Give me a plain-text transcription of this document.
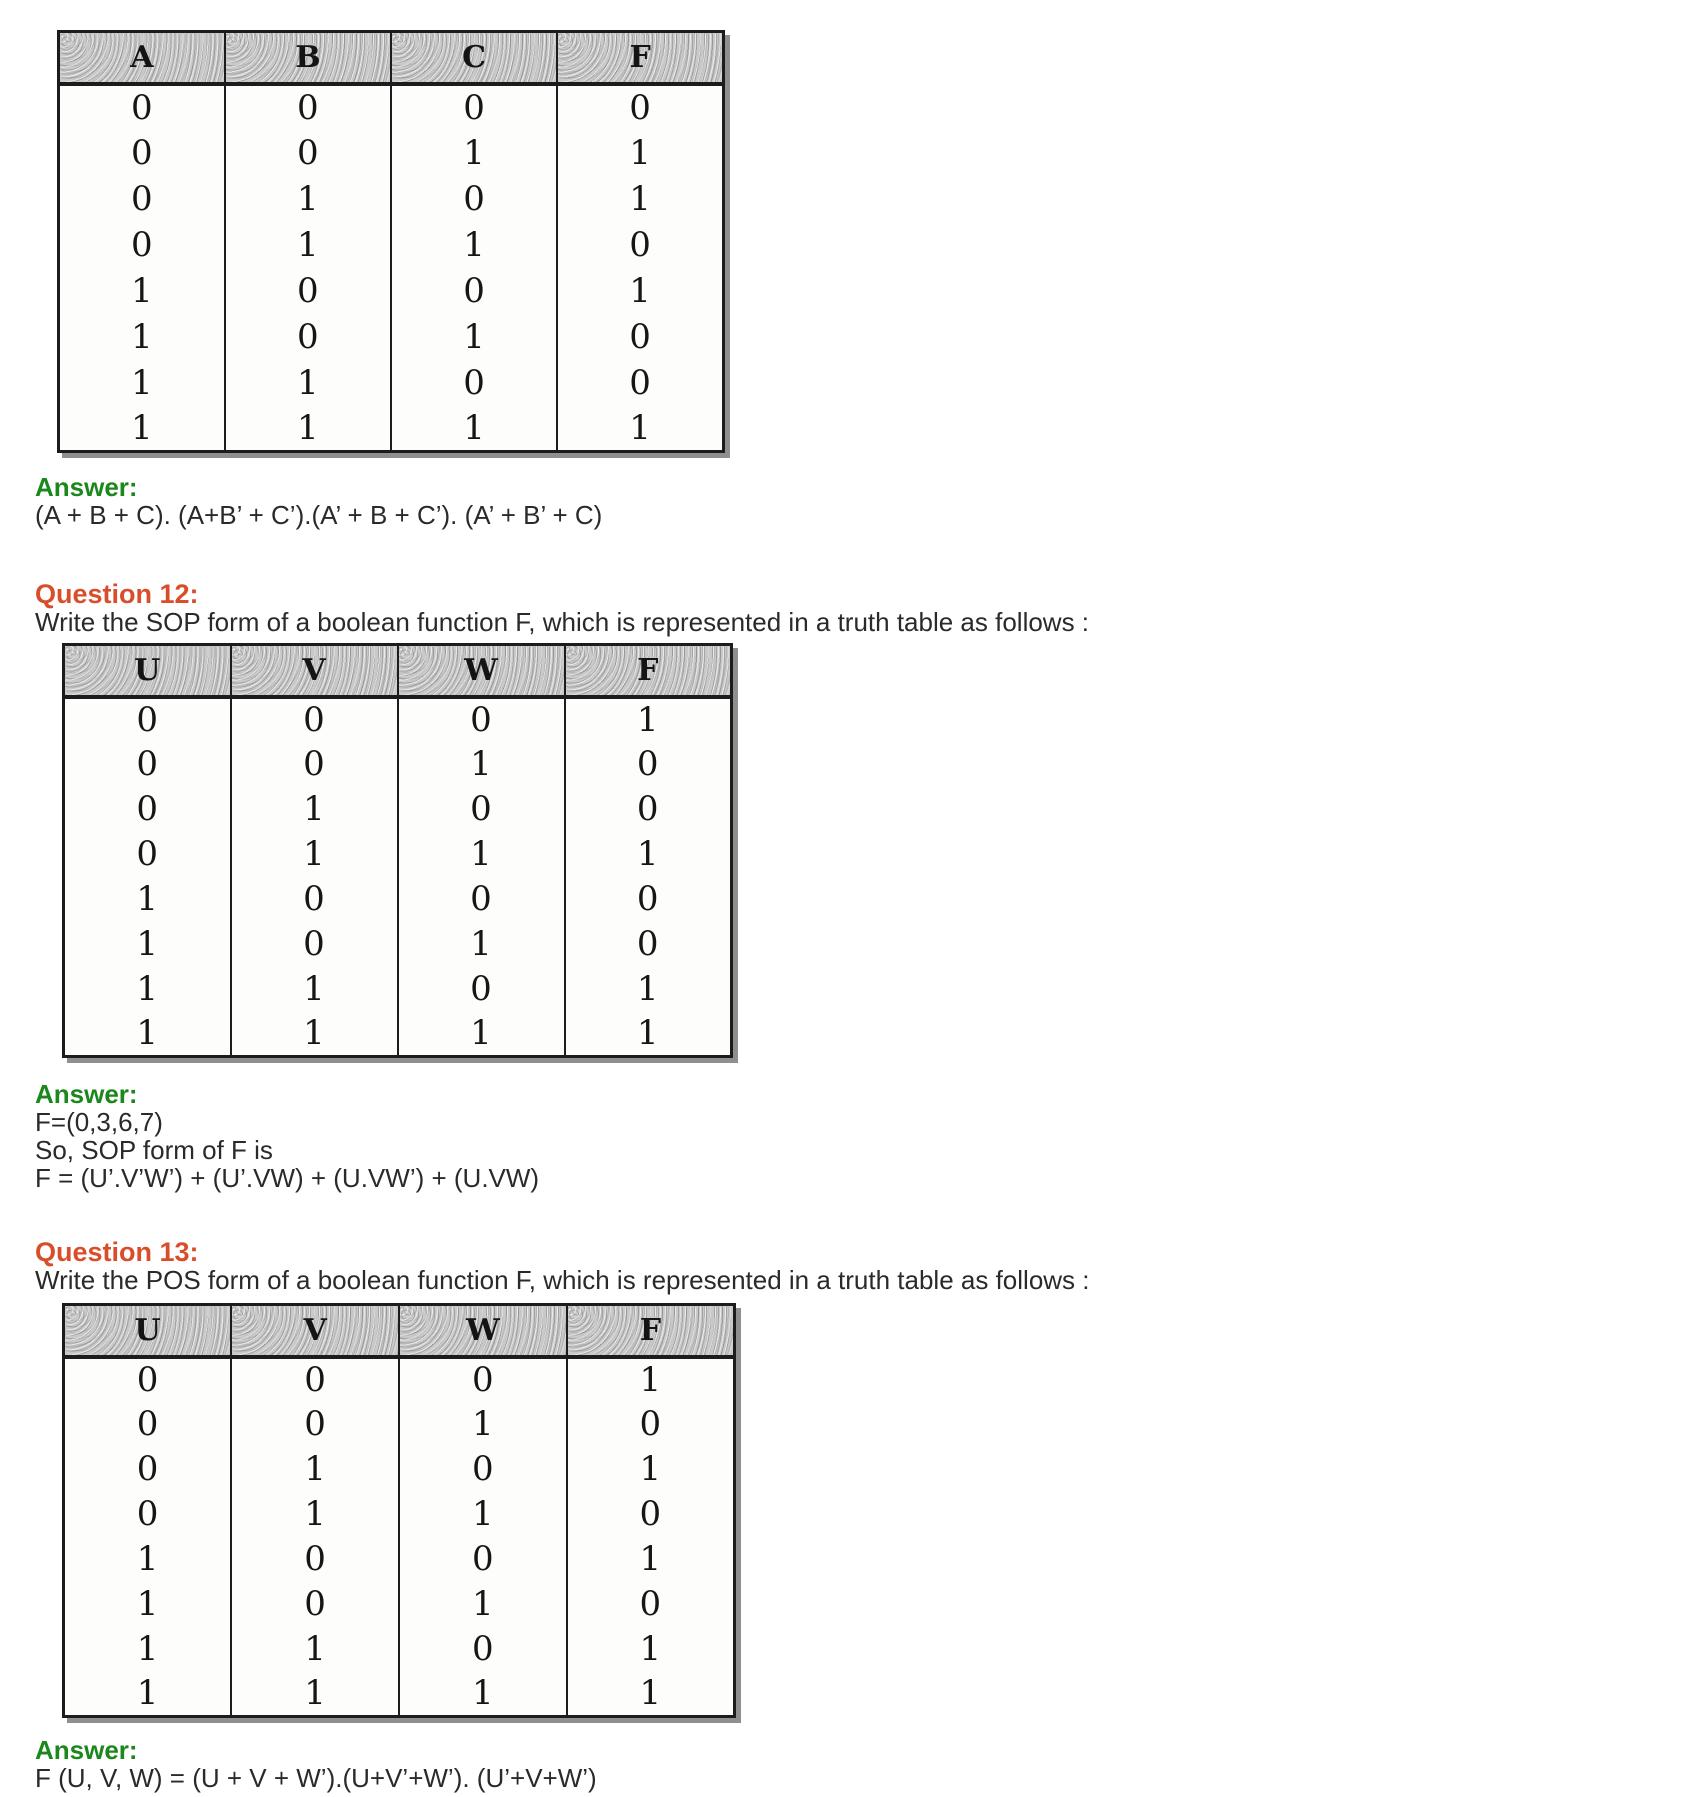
A	B	C	F
0	0	0	0
0	0	1	1
0	1	0	1
0	1	1	0
1	0	0	1
1	0	1	0
1	1	0	0
1	1	1	1
Answer:
(A + B + C). (A+B’ + C’).(A’ + B + C’). (A’ + B’ + C)
Question 12:
Write the SOP form of a boolean function F, which is represented in a truth table as follows :
U	V	W	F
0	0	0	1
0	0	1	0
0	1	0	0
0	1	1	1
1	0	0	0
1	0	1	0
1	1	0	1
1	1	1	1
Answer:
F=(0,3,6,7)
So, SOP form of F is
F = (U’.V’W’) + (U’.VW) + (U.VW’) + (U.VW)
Question 13:
Write the POS form of a boolean function F, which is represented in a truth table as follows :
U	V	W	F
0	0	0	1
0	0	1	0
0	1	0	1
0	1	1	0
1	0	0	1
1	0	1	0
1	1	0	1
1	1	1	1
Answer:
F (U, V, W) = (U + V + W’).(U+V’+W’). (U’+V+W’)
